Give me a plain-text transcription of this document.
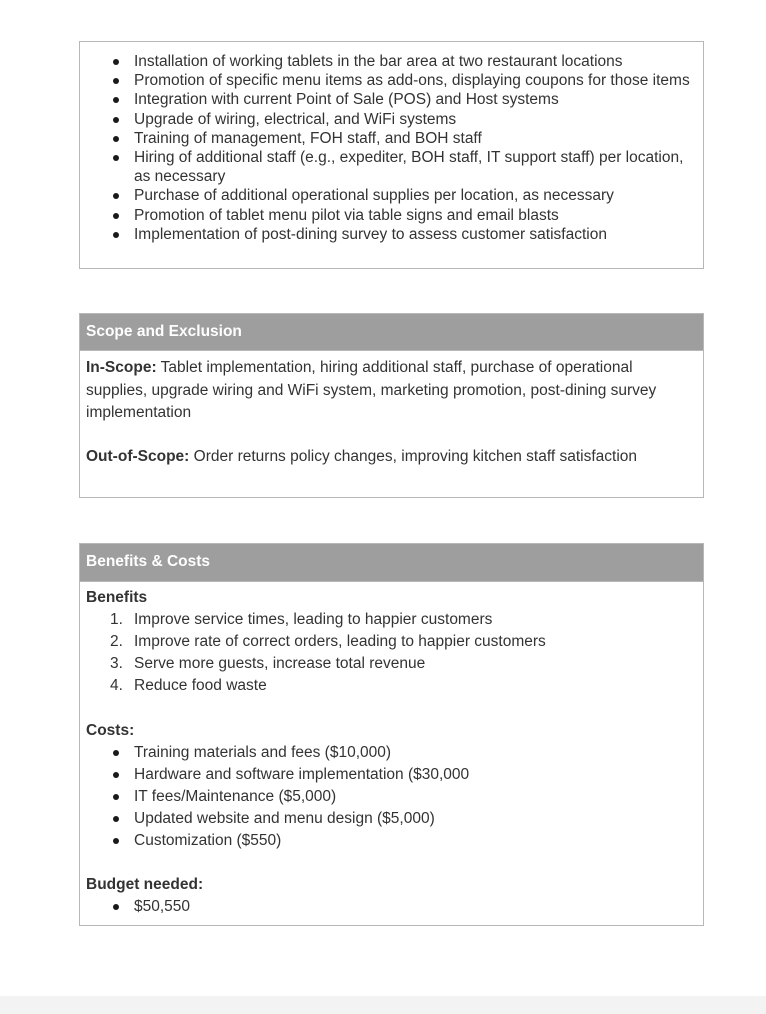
Installation of working tablets in the bar area at two restaurant locations
Promotion of specific menu items as add-ons, displaying coupons for those items
Integration with current Point of Sale (POS) and Host systems
Upgrade of wiring, electrical, and WiFi systems
Training of management, FOH staff, and BOH staff
Hiring of additional staff (e.g., expediter, BOH staff, IT support staff) per location, as necessary
Purchase of additional operational supplies per location, as necessary
Promotion of tablet menu pilot via table signs and email blasts
Implementation of post-dining survey to assess customer satisfaction
Scope and Exclusion
In-Scope: Tablet implementation, hiring additional staff, purchase of operational supplies, upgrade wiring and WiFi system, marketing promotion, post-dining survey implementation
Out-of-Scope: Order returns policy changes, improving kitchen staff satisfaction
Benefits & Costs
Benefits
1. Improve service times, leading to happier customers
2. Improve rate of correct orders, leading to happier customers
3. Serve more guests, increase total revenue
4. Reduce food waste
Costs:
Training materials and fees ($10,000)
Hardware and software implementation ($30,000
IT fees/Maintenance ($5,000)
Updated website and menu design ($5,000)
Customization ($550)
Budget needed:
$50,550
